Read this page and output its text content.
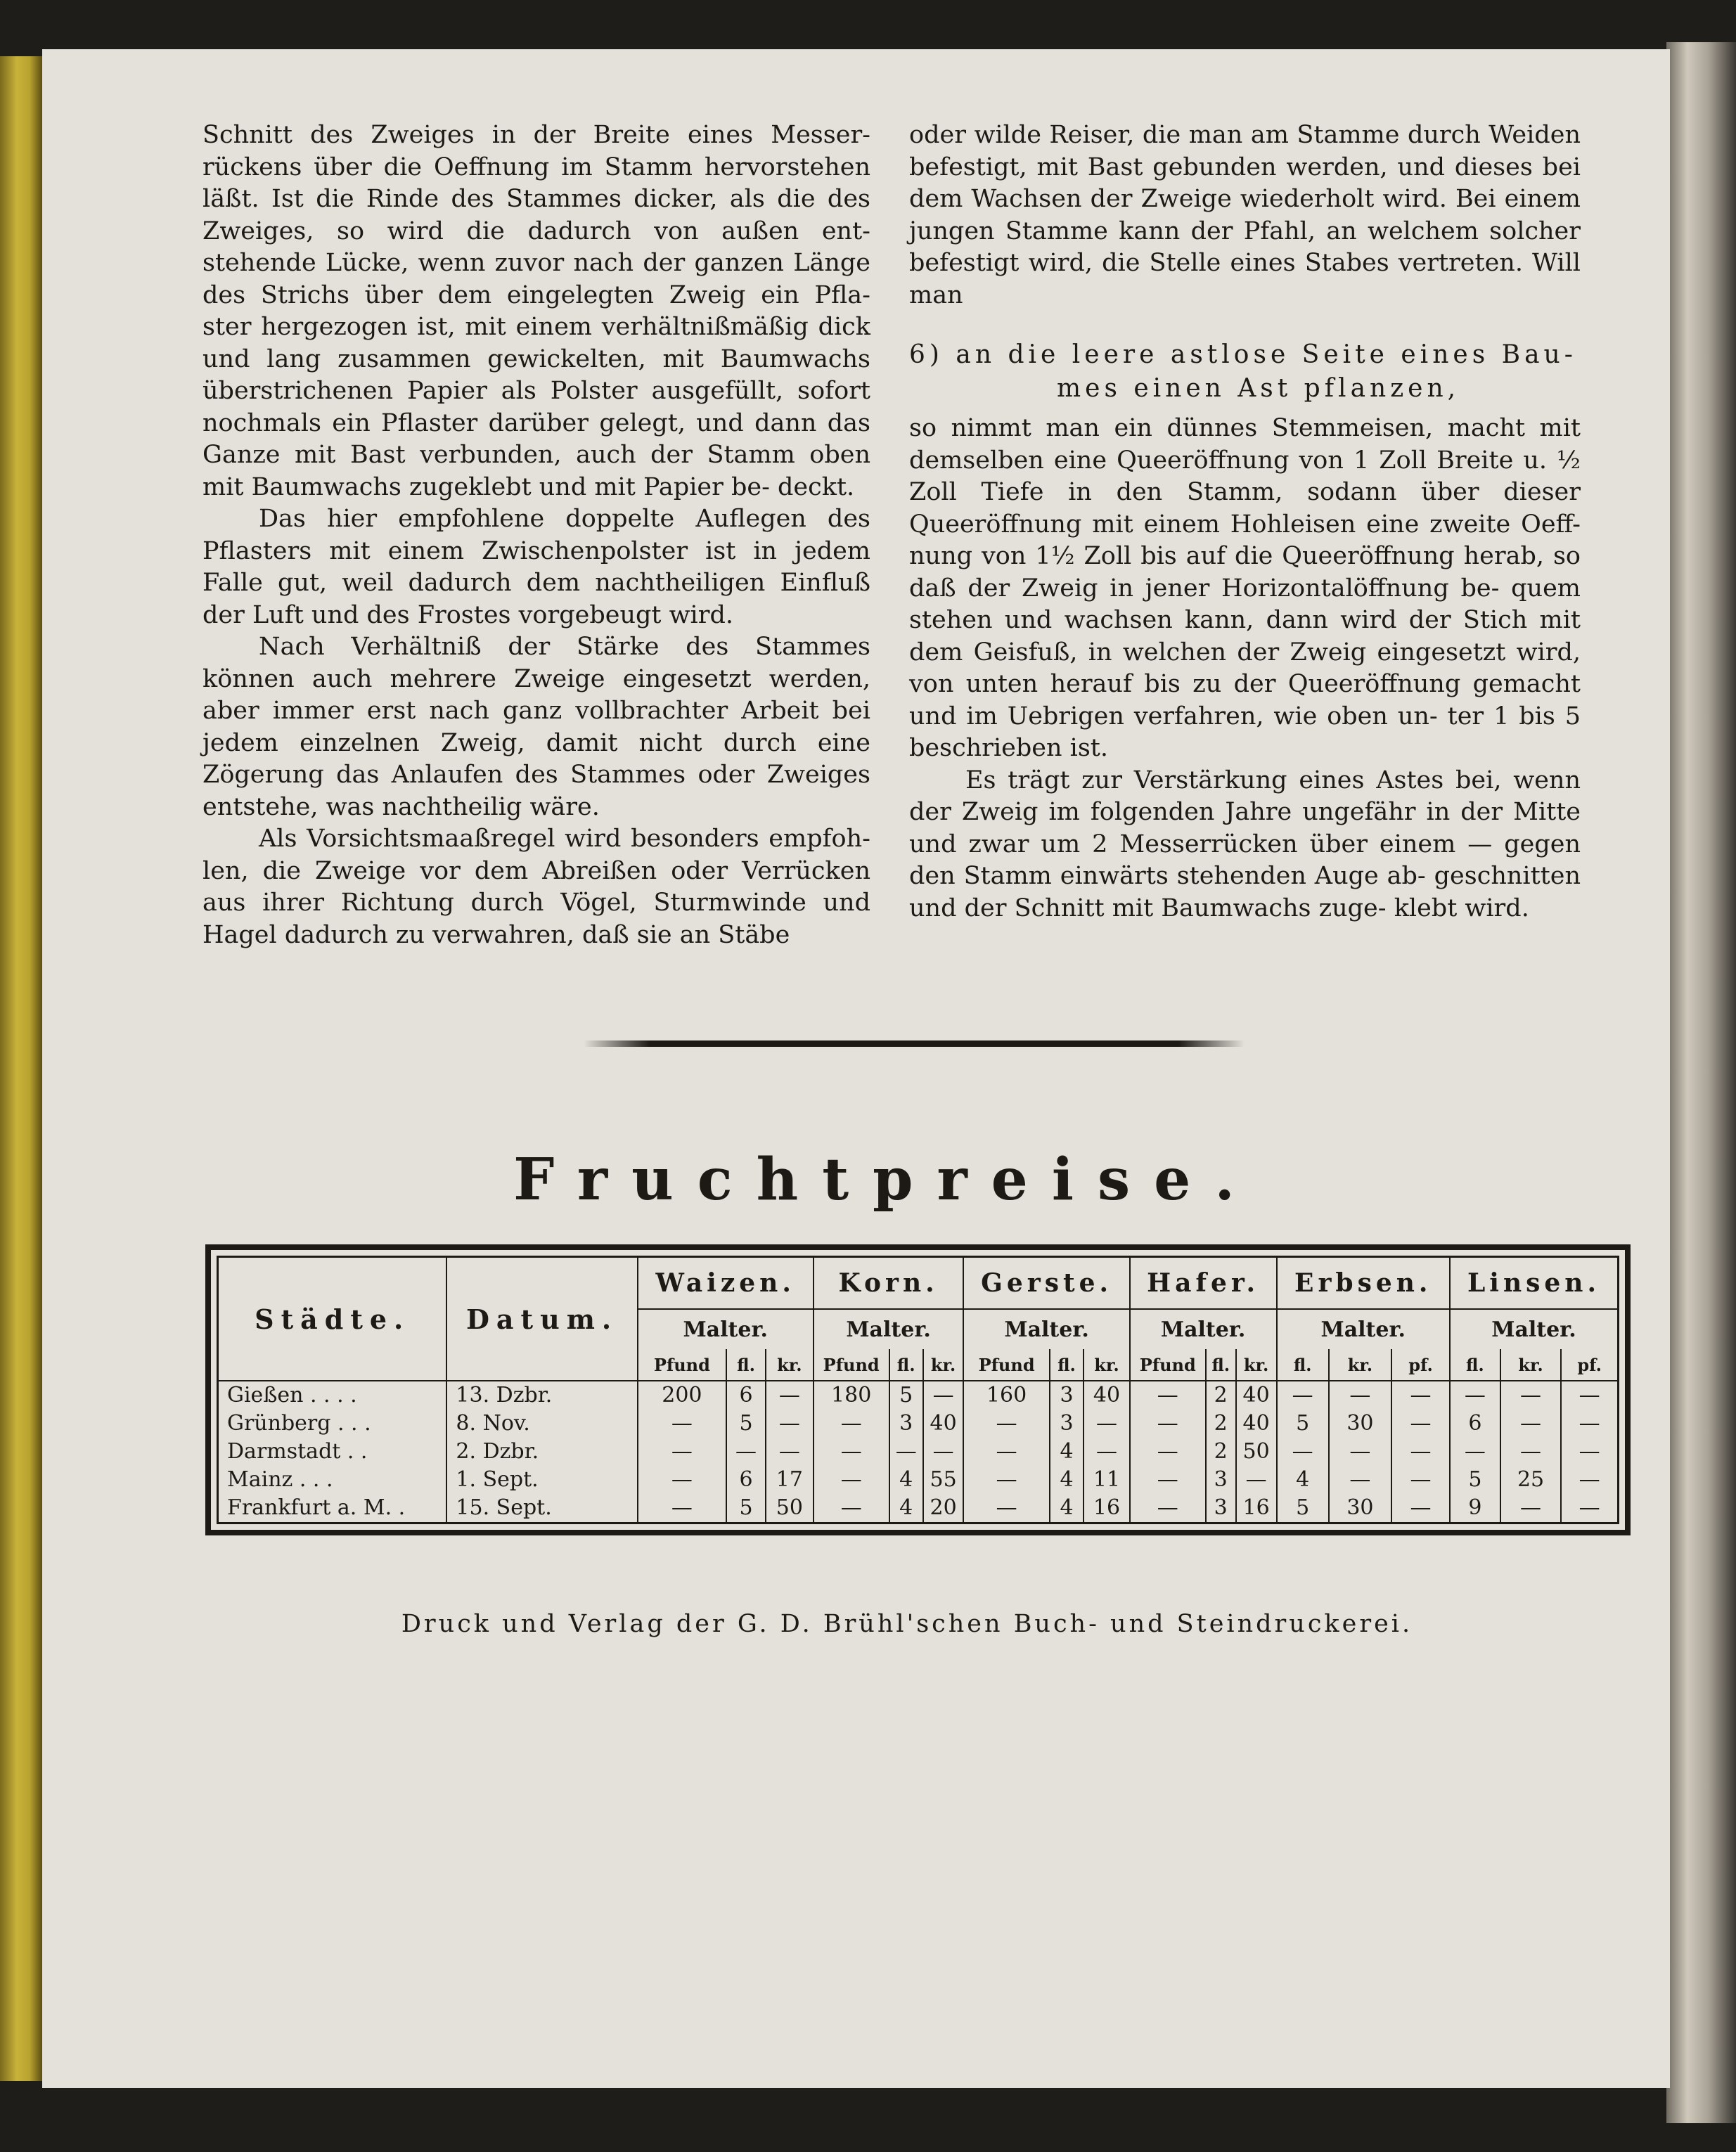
Schnitt des Zweiges in der Breite eines Messer- rückens über die Oeffnung im Stamm hervorstehen läßt. Ist die Rinde des Stammes dicker, als die des Zweiges, so wird die dadurch von außen ent- stehende Lücke, wenn zuvor nach der ganzen Länge des Strichs über dem eingelegten Zweig ein Pfla- ster hergezogen ist, mit einem verhältnißmäßig dick und lang zusammen gewickelten, mit Baumwachs überstrichenen Papier als Polster ausgefüllt, sofort nochmals ein Pflaster darüber gelegt, und dann das Ganze mit Bast verbunden, auch der Stamm oben mit Baumwachs zugeklebt und mit Papier be- deckt.

Das hier empfohlene doppelte Auflegen des Pflasters mit einem Zwischenpolster ist in jedem Falle gut, weil dadurch dem nachtheiligen Einfluß der Luft und des Frostes vorgebeugt wird.

Nach Verhältniß der Stärke des Stammes können auch mehrere Zweige eingesetzt werden, aber immer erst nach ganz vollbrachter Arbeit bei jedem einzelnen Zweig, damit nicht durch eine Zögerung das Anlaufen des Stammes oder Zweiges entstehe, was nachtheilig wäre.

Als Vorsichtsmaaßregel wird besonders empfoh- len, die Zweige vor dem Abreißen oder Verrücken aus ihrer Richtung durch Vögel, Sturmwinde und Hagel dadurch zu verwahren, daß sie an Stäbe

oder wilde Reiser, die man am Stamme durch Weiden befestigt, mit Bast gebunden werden, und dieses bei dem Wachsen der Zweige wiederholt wird. Bei einem jungen Stamme kann der Pfahl, an welchem solcher befestigt wird, die Stelle eines Stabes vertreten. Will man

6) an die leere astlose Seite eines Bau-
mes einen Ast pflanzen,

so nimmt man ein dünnes Stemmeisen, macht mit demselben eine Queeröffnung von 1 Zoll Breite u. ½ Zoll Tiefe in den Stamm, sodann über dieser Queeröffnung mit einem Hohleisen eine zweite Oeff- nung von 1½ Zoll bis auf die Queeröffnung herab, so daß der Zweig in jener Horizontalöffnung be- quem stehen und wachsen kann, dann wird der Stich mit dem Geisfuß, in welchen der Zweig eingesetzt wird, von unten herauf bis zu der Queeröffnung gemacht und im Uebrigen verfahren, wie oben un- ter 1 bis 5 beschrieben ist.

Es trägt zur Verstärkung eines Astes bei, wenn der Zweig im folgenden Jahre ungefähr in der Mitte und zwar um 2 Messerrücken über einem — gegen den Stamm einwärts stehenden Auge ab- geschnitten und der Schnitt mit Baumwachs zuge- klebt wird.

Fruchtpreise.
Städte.	Datum.	Waizen.			Korn.			Gerste.			Hafer.			Erbsen.			Linsen.		
		Malter.			Malter.			Malter.			Malter.			Malter.			Malter.		
		Pfund	fl.	kr.	Pfund	fl.	kr.	Pfund	fl.	kr.	Pfund	fl.	kr.	fl.	kr.	pf.	fl.	kr.	pf.
Gießen . . . .	13. Dzbr.	200	6	—	180	5	—	160	3	40	—	2	40	—	—	—	—	—	—
Grünberg . . .	8. Nov.	—	5	—	—	3	40	—	3	—	—	2	40	5	30	—	6	—	—
Darmstadt . .	2. Dzbr.	—	—	—	—	—	—	—	4	—	—	2	50	—	—	—	—	—	—
Mainz . . .	1. Sept.	—	6	17	—	4	55	—	4	11	—	3	—	4	—	—	5	25	—
Frankfurt a. M. .	15. Sept.	—	5	50	—	4	20	—	4	16	—	3	16	5	30	—	9	—	—

Druck und Verlag der G. D. Brühl'schen Buch- und Steindruckerei.
